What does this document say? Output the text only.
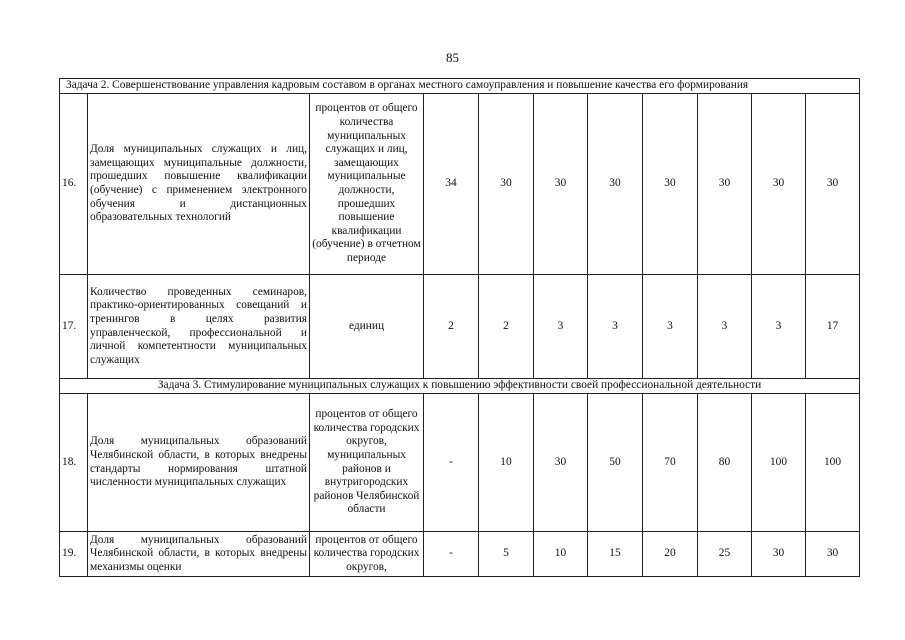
85
Задача 2. Совершенствование управления кадровым составом в органах местного самоуправления и повышение качества его формирования										
16.	Доля муниципальных служащих и лиц, замещающих муниципальные должности, прошедших повышение квалификации (обучение) с применением электронного обучения и дистанционных образовательных технологий	процентов от общего количества муниципальных служащих и лиц, замещающих муниципальные должности, прошедших повышение квалификации (обучение) в отчетном периоде	34	30	30	30	30	30	30	30
17.	Количество проведенных семинаров, практико-ориентированных совещаний и тренингов в целях развития управленческой, профессиональной и личной компетентности муниципальных служащих	единиц	2	2	3	3	3	3	3	17
Задача 3. Стимулирование муниципальных служащих к повышению эффективности своей профессиональной деятельности										
18.	Доля муниципальных образований Челябинской области, в которых внедрены стандарты нормирования штатной численности муниципальных служащих	процентов от общего количества городских округов, муниципальных районов и внутригородских районов Челябинской области	-	10	30	50	70	80	100	100
19.	Доля муниципальных образований Челябинской области, в которых внедрены механизмы оценки	процентов от общего количества городских округов,	-	5	10	15	20	25	30	30
